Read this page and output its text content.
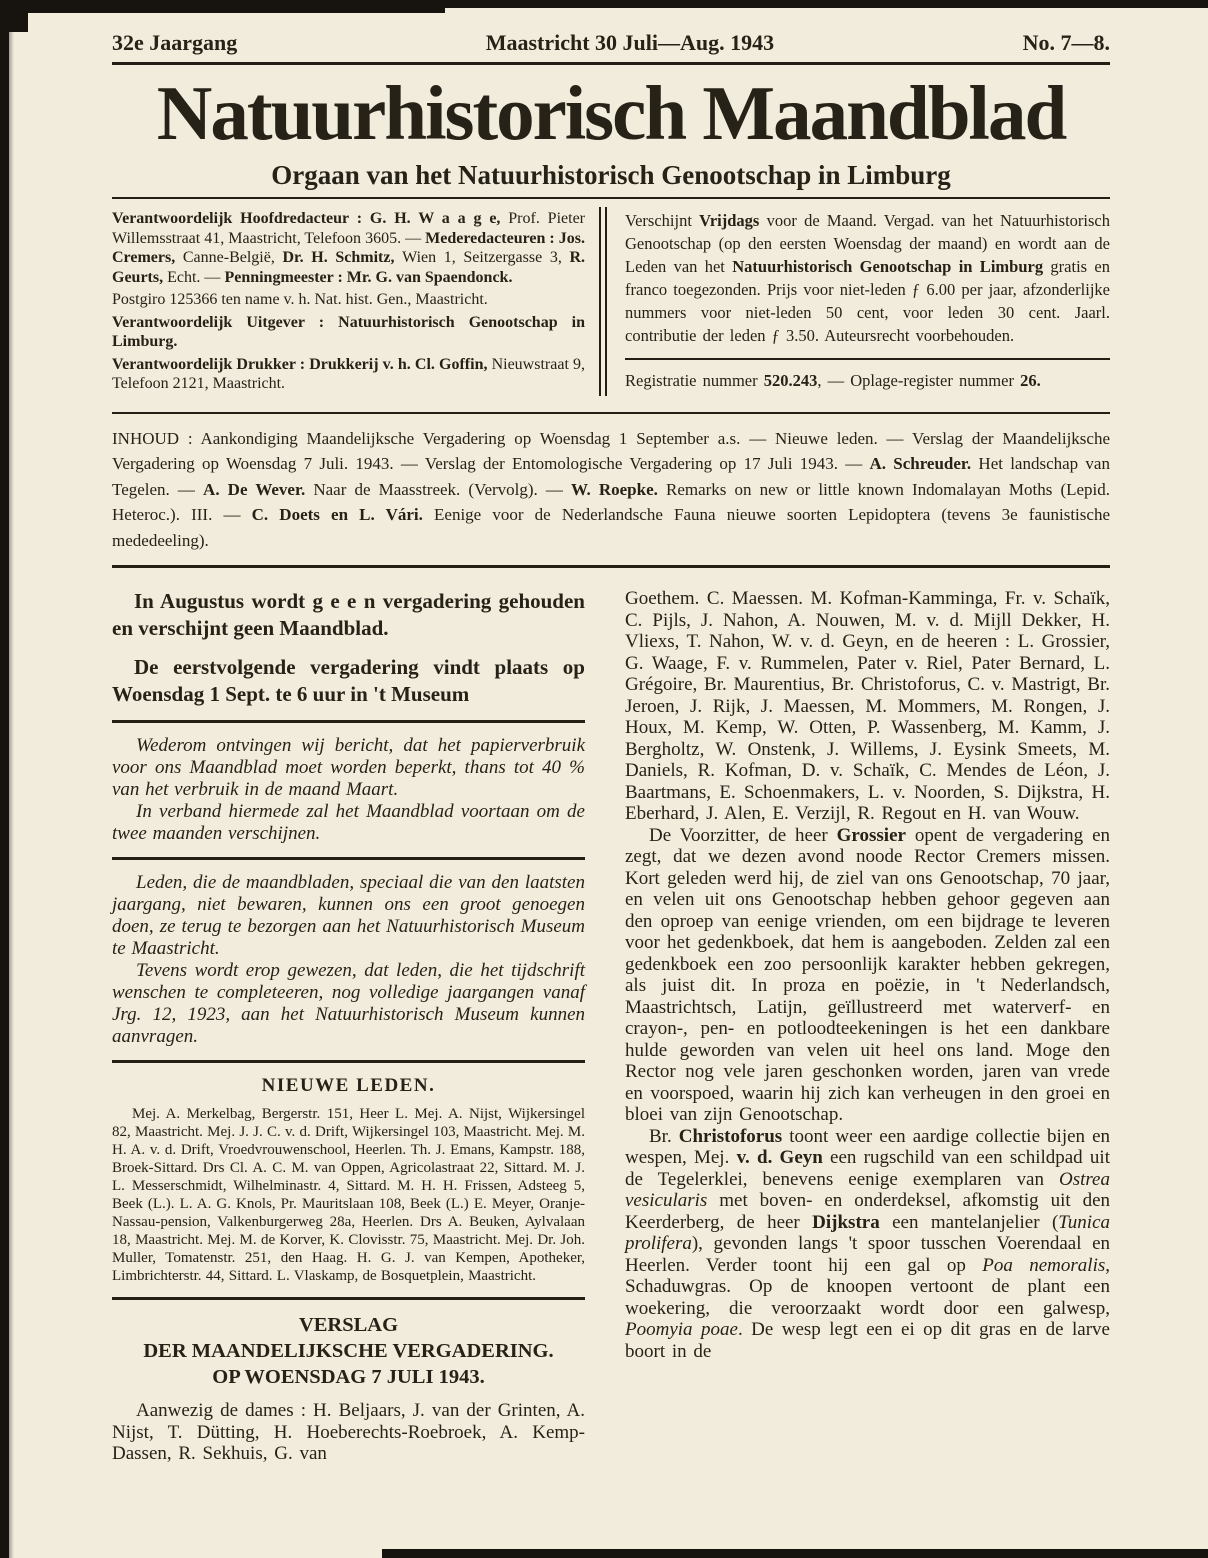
32e Jaargang	Maastricht 30 Juli—Aug. 1943	No. 7—8.
Natuurhistorisch Maandblad
Orgaan van het Natuurhistorisch Genootschap in Limburg

Verantwoordelijk Hoofdredacteur : G. H. W a a g e, Prof. Pieter Willemsstraat 41, Maastricht, Telefoon 3605. — Mederedacteuren : Jos. Cremers, Canne-België, Dr. H. Schmitz, Wien 1, Seitzergasse 3, R. Geurts, Echt. — Penningmeester : Mr. G. van Spaendonck.

Postgiro 125366 ten name v. h. Nat. hist. Gen., Maastricht.

Verantwoordelijk Uitgever : Natuurhistorisch Genootschap in Limburg.

Verantwoordelijk Drukker : Drukkerij v. h. Cl. Goffin, Nieuwstraat 9, Telefoon 2121, Maastricht.

Verschijnt Vrijdags voor de Maand. Vergad. van het Natuurhistorisch Genootschap (op den eersten Woensdag der maand) en wordt aan de Leden van het Natuurhistorisch Genootschap in Limburg gratis en franco toegezonden. Prijs voor niet-leden ƒ 6.00 per jaar, afzonderlijke nummers voor niet-leden 50 cent, voor leden 30 cent. Jaarl. contributie der leden ƒ 3.50. Auteursrecht voorbehouden.

Registratie nummer 520.243, — Oplage-register nummer 26.

INHOUD : Aankondiging Maandelijksche Vergadering op Woensdag 1 September a.s. — Nieuwe leden. — Verslag der Maandelijksche Vergadering op Woensdag 7 Juli. 1943. — Verslag der Entomologische Vergadering op 17 Juli 1943. — A. Schreuder. Het landschap van Tegelen. — A. De Wever. Naar de Maasstreek. (Vervolg). — W. Roepke. Remarks on new or little known Indomalayan Moths (Lepid. Heteroc.). III. — C. Doets en L. Vári. Eenige voor de Nederlandsche Fauna nieuwe soorten Lepidoptera (tevens 3e faunistische mededeeling).

In Augustus wordt g e e n vergadering gehouden en verschijnt geen Maandblad.

De eerstvolgende vergadering vindt plaats op Woensdag 1 Sept. te 6 uur in 't Museum

Wederom ontvingen wij bericht, dat het papierverbruik voor ons Maandblad moet worden beperkt, thans tot 40 % van het verbruik in de maand Maart.

In verband hiermede zal het Maandblad voortaan om de twee maanden verschijnen.

Leden, die de maandbladen, speciaal die van den laatsten jaargang, niet bewaren, kunnen ons een groot genoegen doen, ze terug te bezorgen aan het Natuurhistorisch Museum te Maastricht.

Tevens wordt erop gewezen, dat leden, die het tijdschrift wenschen te completeeren, nog volledige jaargangen vanaf Jrg. 12, 1923, aan het Natuurhistorisch Museum kunnen aanvragen.

NIEUWE LEDEN.

Mej. A. Merkelbag, Bergerstr. 151, Heer L. Mej. A. Nijst, Wijkersingel 82, Maastricht. Mej. J. J. C. v. d. Drift, Wijkersingel 103, Maastricht. Mej. M. H. A. v. d. Drift, Vroedvrouwenschool, Heerlen. Th. J. Emans, Kampstr. 188, Broek-Sittard. Drs Cl. A. C. M. van Oppen, Agricolastraat 22, Sittard. M. J. L. Messerschmidt, Wilhelminastr. 4, Sittard. M. H. H. Frissen, Adsteeg 5, Beek (L.). L. A. G. Knols, Pr. Mauritslaan 108, Beek (L.) E. Meyer, Oranje-Nassau-pension, Valkenburgerweg 28a, Heerlen. Drs A. Beuken, Aylvalaan 18, Maastricht. Mej. M. de Korver, K. Clovisstr. 75, Maastricht. Mej. Dr. Joh. Muller, Tomatenstr. 251, den Haag. H. G. J. van Kempen, Apotheker, Limbrichterstr. 44, Sittard. L. Vlaskamp, de Bosquetplein, Maastricht.

VERSLAG
DER MAANDELIJKSCHE VERGADERING.
OP WOENSDAG 7 JULI 1943.

Aanwezig de dames : H. Beljaars, J. van der Grinten, A. Nijst, T. Dütting, H. Hoeberechts-Roebroek, A. Kemp-Dassen, R. Sekhuis, G. van

Goethem. C. Maessen. M. Kofman-Kamminga, Fr. v. Schaïk, C. Pijls, J. Nahon, A. Nouwen, M. v. d. Mijll Dekker, H. Vliexs, T. Nahon, W. v. d. Geyn, en de heeren : L. Grossier, G. Waage, F. v. Rummelen, Pater v. Riel, Pater Bernard, L. Grégoire, Br. Maurentius, Br. Christoforus, C. v. Mastrigt, Br. Jeroen, J. Rijk, J. Maessen, M. Mommers, M. Rongen, J. Houx, M. Kemp, W. Otten, P. Wassenberg, M. Kamm, J. Bergholtz, W. Onstenk, J. Willems, J. Eysink Smeets, M. Daniels, R. Kofman, D. v. Schaïk, C. Mendes de Léon, J. Baartmans, E. Schoenmakers, L. v. Noorden, S. Dijkstra, H. Eberhard, J. Alen, E. Verzijl, R. Regout en H. van Wouw.

De Voorzitter, de heer Grossier opent de vergadering en zegt, dat we dezen avond noode Rector Cremers missen. Kort geleden werd hij, de ziel van ons Genootschap, 70 jaar, en velen uit ons Genootschap hebben gehoor gegeven aan den oproep van eenige vrienden, om een bijdrage te leveren voor het gedenkboek, dat hem is aangeboden. Zelden zal een gedenkboek een zoo persoonlijk karakter hebben gekregen, als juist dit. In proza en poëzie, in 't Nederlandsch, Maastrichtsch, Latijn, geïllustreerd met waterverf- en crayon-, pen- en potloodteekeningen is het een dankbare hulde geworden van velen uit heel ons land. Moge den Rector nog vele jaren geschonken worden, jaren van vrede en voorspoed, waarin hij zich kan verheugen in den groei en bloei van zijn Genootschap.

Br. Christoforus toont weer een aardige collectie bijen en wespen, Mej. v. d. Geyn een rugschild van een schildpad uit de Tegelerklei, benevens eenige exemplaren van Ostrea vesicularis met boven- en onderdeksel, afkomstig uit den Keerderberg, de heer Dijkstra een mantelanjelier (Tunica prolifera), gevonden langs 't spoor tusschen Voerendaal en Heerlen. Verder toont hij een gal op Poa nemoralis, Schaduwgras. Op de knoopen vertoont de plant een woekering, die veroorzaakt wordt door een galwesp, Poomyia poae. De wesp legt een ei op dit gras en de larve boort in de
